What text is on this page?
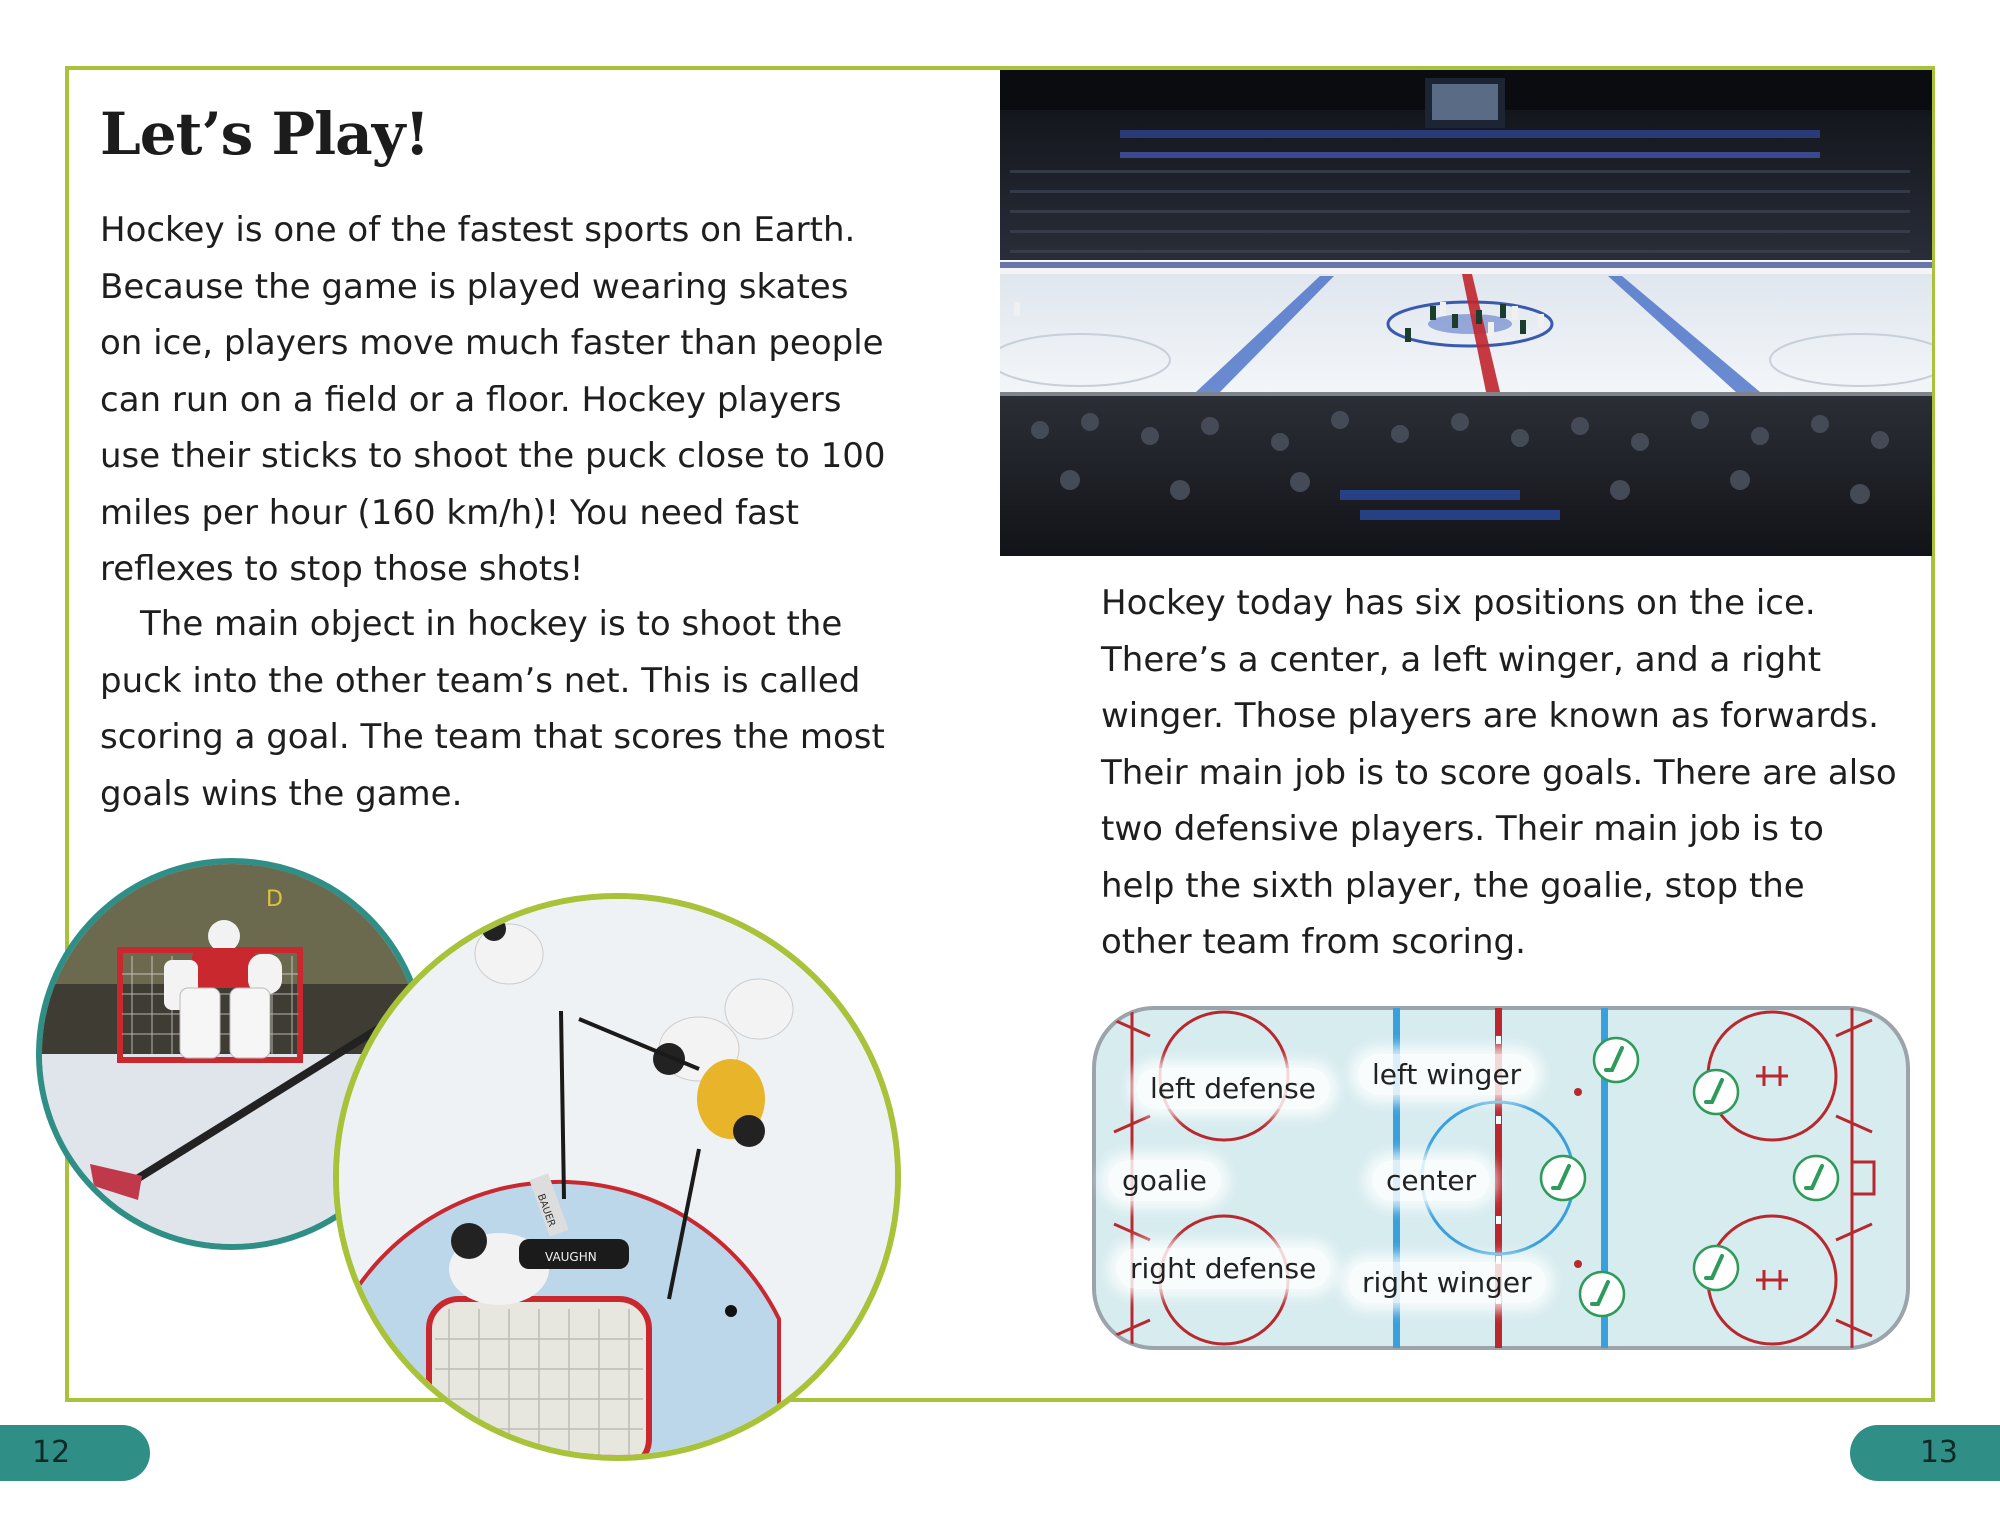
Let’s Play!

Hockey is one of the fastest sports on Earth. Because the game is played wearing skates on ice, players move much faster than people can run on a field or a floor. Hockey players use their sticks to shoot the puck close to 100 miles per hour (160 km/h)! You need fast reflexes to stop those shots!

The main object in hockey is to shoot the puck into the other team’s net. This is called scoring a goal. The team that scores the most goals wins the game.

Hockey today has six positions on the ice. There’s a center, a left winger, and a right winger. Those players are known as forwards. Their main job is to score goals. There are also two defensive players. Their main job is to help the sixth player, the goalie, stop the other team from scoring.

D
VAUGHN
BAUER
left defense
goalie
right defense
left winger
center
right winger
12	13
